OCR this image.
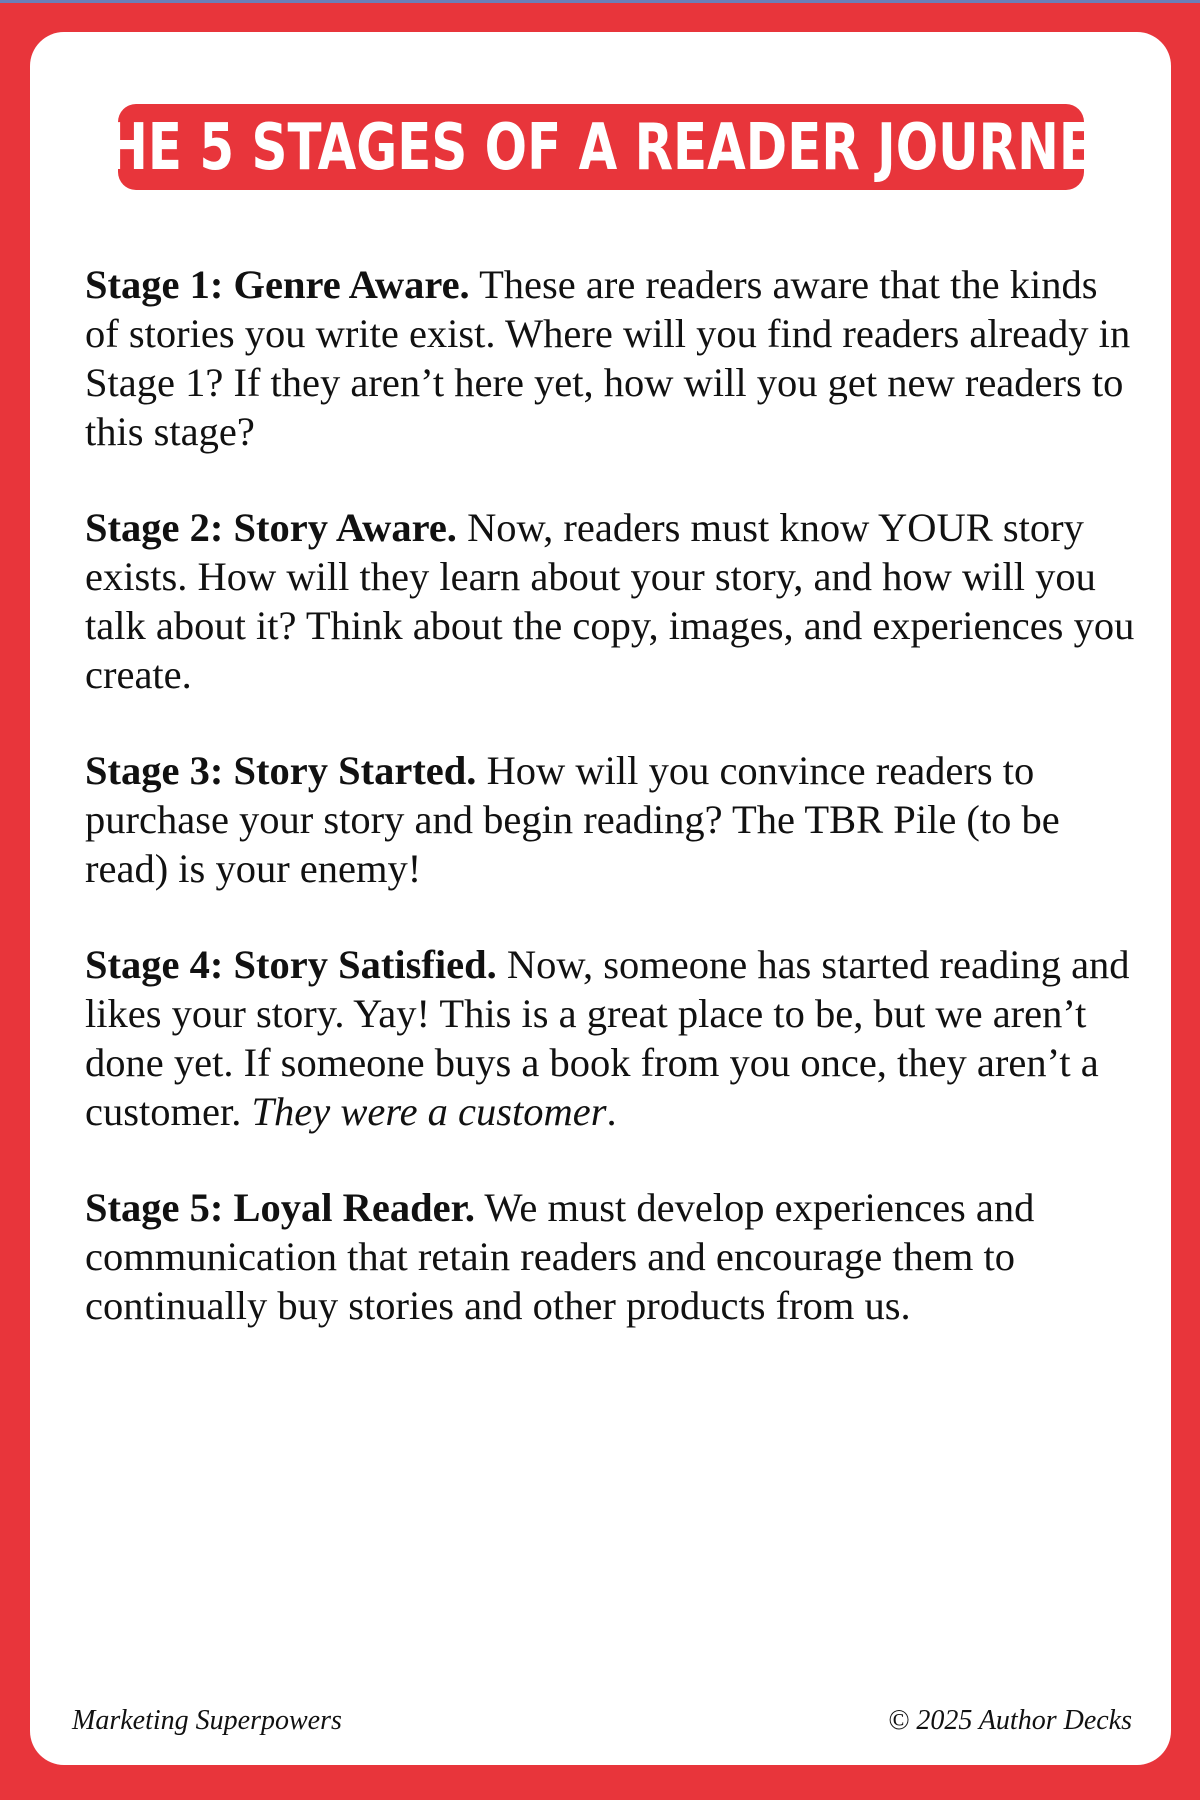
THE 5 STAGES OF A READER JOURNEY

Stage 1: Genre Aware. These are readers aware that the kinds of stories you write exist. Where will you find readers already in Stage 1? If they aren’t here yet, how will you get new readers to this stage?

Stage 2: Story Aware. Now, readers must know YOUR story exists. How will they learn about your story, and how will you talk about it? Think about the copy, images, and experiences you create.

Stage 3: Story Started. How will you convince readers to purchase your story and begin reading? The TBR Pile (to be read) is your enemy!

Stage 4: Story Satisfied. Now, someone has started reading and likes your story. Yay! This is a great place to be, but we aren’t done yet. If someone buys a book from you once, they aren’t a customer. They were a customer.

Stage 5: Loyal Reader. We must develop experiences and communication that retain readers and encourage them to continually buy stories and other products from us.

Marketing Superpowers	© 2025 Author Decks
